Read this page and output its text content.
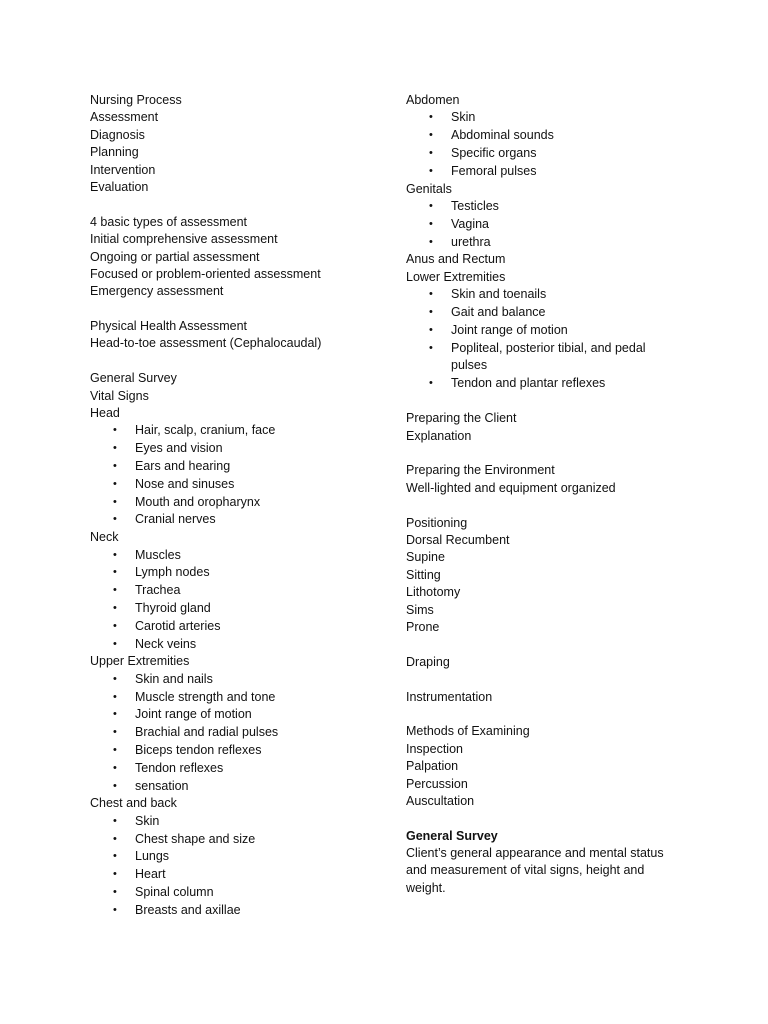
Nursing Process
Assessment
Diagnosis
Planning
Intervention
Evaluation
4 basic types of assessment
Initial comprehensive assessment
Ongoing or partial assessment
Focused or problem-oriented assessment
Emergency assessment
Physical Health Assessment
Head-to-toe assessment (Cephalocaudal)
General Survey
Vital Signs
Head
• Hair, scalp, cranium, face
• Eyes and vision
• Ears and hearing
• Nose and sinuses
• Mouth and oropharynx
• Cranial nerves
Neck
• Muscles
• Lymph nodes
• Trachea
• Thyroid gland
• Carotid arteries
• Neck veins
Upper Extremities
• Skin and nails
• Muscle strength and tone
• Joint range of motion
• Brachial and radial pulses
• Biceps tendon reflexes
• Tendon reflexes
• sensation
Chest and back
• Skin
• Chest shape and size
• Lungs
• Heart
• Spinal column
• Breasts and axillae
Abdomen
• Skin
• Abdominal sounds
• Specific organs
• Femoral pulses
Genitals
• Testicles
• Vagina
• urethra
Anus and Rectum
Lower Extremities
• Skin and toenails
• Gait and balance
• Joint range of motion
• Popliteal, posterior tibial, and pedal pulses
• Tendon and plantar reflexes
Preparing the Client
Explanation
Preparing the Environment
Well-lighted and equipment organized
Positioning
Dorsal Recumbent
Supine
Sitting
Lithotomy
Sims
Prone
Draping
Instrumentation
Methods of Examining
Inspection
Palpation
Percussion
Auscultation
General Survey
Client’s general appearance and mental status and measurement of vital signs, height and weight.
